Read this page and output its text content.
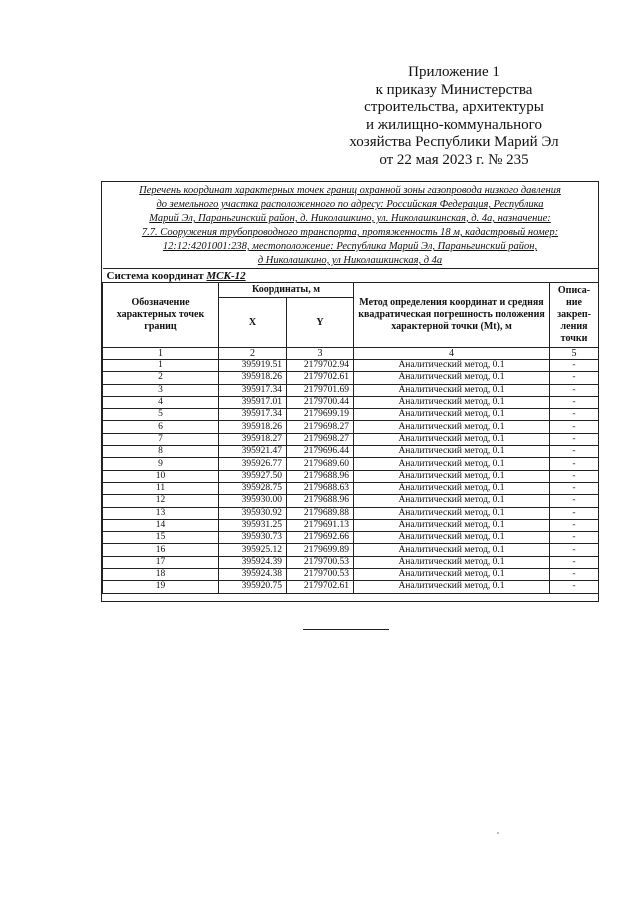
Приложение 1
к приказу Министерства
строительства, архитектуры
и жилищно-коммунального
хозяйства Республики Марий Эл
от 22 мая 2023 г. № 235
Перечень координат характерных точек границ охранной зоны газопровода низкого давления
до земельного участка расположенного по адресу: Российская Федерация, Республика
Марий Эл, Параньгинский район, д. Николашкино, ул. Николашкинская, д. 4а, назначение:
7.7. Сооружения трубопроводного транспорта, протяженность 18 м, кадастровый номер:
12:12:4201001:238, местоположение: Республика Марий Эл, Параньгинский район,
д Николашкино, ул Николашкинская, д 4а
Система координат МСК-12				
Обозначение характерных точек границ	Координаты, м		Метод определения координат и средняя квадратическая погрешность положения характерной точки (Mt), м	Описа-ние закреп-ления точки
	X	Y		
1	2	3	4	5
1	395919.51	2179702.94	Аналитический метод, 0.1	-
2	395918.26	2179702.61	Аналитический метод, 0.1	-
3	395917.34	2179701.69	Аналитический метод, 0.1	-
4	395917.01	2179700.44	Аналитический метод, 0.1	-
5	395917.34	2179699.19	Аналитический метод, 0.1	-
6	395918.26	2179698.27	Аналитический метод, 0.1	-
7	395918.27	2179698.27	Аналитический метод, 0.1	-
8	395921.47	2179696.44	Аналитический метод, 0.1	-
9	395926.77	2179689.60	Аналитический метод, 0.1	-
10	395927.50	2179688.96	Аналитический метод, 0.1	-
11	395928.75	2179688.63	Аналитический метод, 0.1	-
12	395930.00	2179688.96	Аналитический метод, 0.1	-
13	395930.92	2179689.88	Аналитический метод, 0.1	-
14	395931.25	2179691.13	Аналитический метод, 0.1	-
15	395930.73	2179692.66	Аналитический метод, 0.1	-
16	395925.12	2179699.89	Аналитический метод, 0.1	-
17	395924.39	2179700.53	Аналитический метод, 0.1	-
18	395924.38	2179700.53	Аналитический метод, 0.1	-
19	395920.75	2179702.61	Аналитический метод, 0.1	-
